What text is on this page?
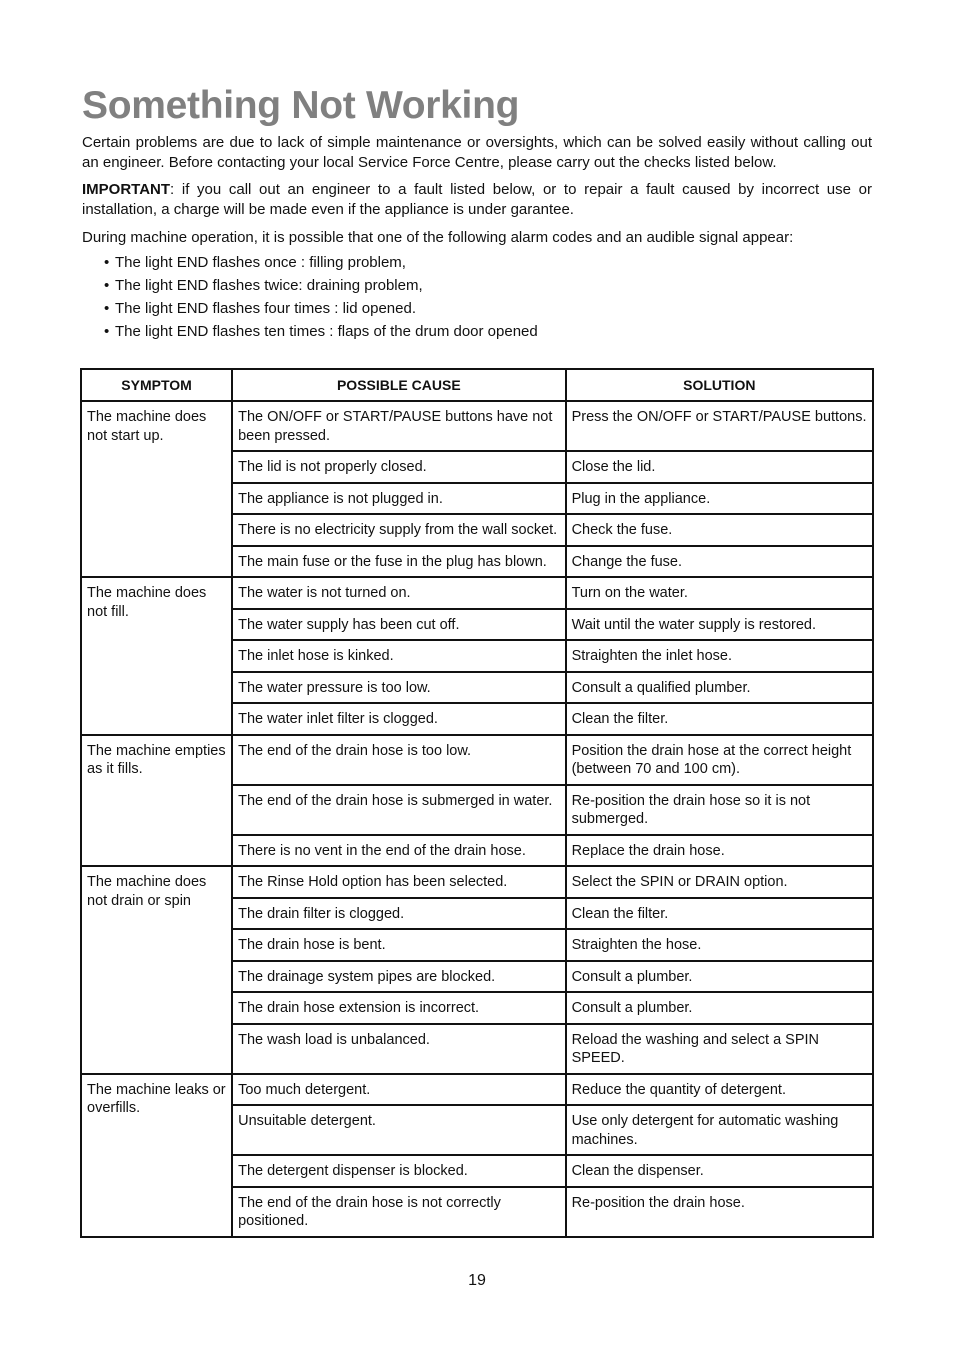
Something Not Working

Certain problems are due to lack of simple maintenance or oversights, which can be solved easily without calling out an engineer. Before contacting your local Service Force Centre, please carry out the checks listed below.

IMPORTANT: if you call out an engineer to a fault listed below, or to repair a fault caused by incorrect use or installation, a charge will be made even if the appliance is under garantee.

During machine operation, it is possible that one of the following alarm codes and an audible signal appear:

• The light END flashes once : filling problem,
• The light END flashes twice: draining problem,
• The light END flashes four times : lid opened.
• The light END flashes ten times : flaps of the drum door opened
SYMPTOM	POSSIBLE CAUSE	SOLUTION
The machine does not start up.	The ON/OFF or START/PAUSE buttons have not been pressed.	Press the ON/OFF or START/PAUSE buttons.
	The lid is not properly closed.	Close the lid.
	The appliance is not plugged in.	Plug in the appliance.
	There is no electricity supply from the wall socket.	Check the fuse.
	The main fuse or the fuse in the plug has blown.	Change the fuse.
The machine does not fill.	The water is not turned on.	Turn on the water.
	The water supply has been cut off.	Wait until the water supply is restored.
	The inlet hose is kinked.	Straighten the inlet hose.
	The water pressure is too low.	Consult a qualified plumber.
	The water inlet filter is clogged.	Clean the filter.
The machine empties as it fills.	The end of the drain hose is too low.	Position the drain hose at the correct height (between 70 and 100 cm).
	The end of the drain hose is submerged in water.	Re-position the drain hose so it is not submerged.
	There is no vent in the end of the drain hose.	Replace the drain hose.
The machine does not drain or spin	The Rinse Hold option has been selected.	Select the SPIN or DRAIN option.
	The drain filter is clogged.	Clean the filter.
	The drain hose is bent.	Straighten the hose.
	The drainage system pipes are blocked.	Consult a plumber.
	The drain hose extension is incorrect.	Consult a plumber.
	The wash load is unbalanced.	Reload the washing and select a SPIN SPEED.
The machine leaks or overfills.	Too much detergent.	Reduce the quantity of detergent.
	Unsuitable detergent.	Use only detergent for automatic washing machines.
	The detergent dispenser is blocked.	Clean the dispenser.
	The end of the drain hose is not correctly positioned.	Re-position the drain hose.
19
